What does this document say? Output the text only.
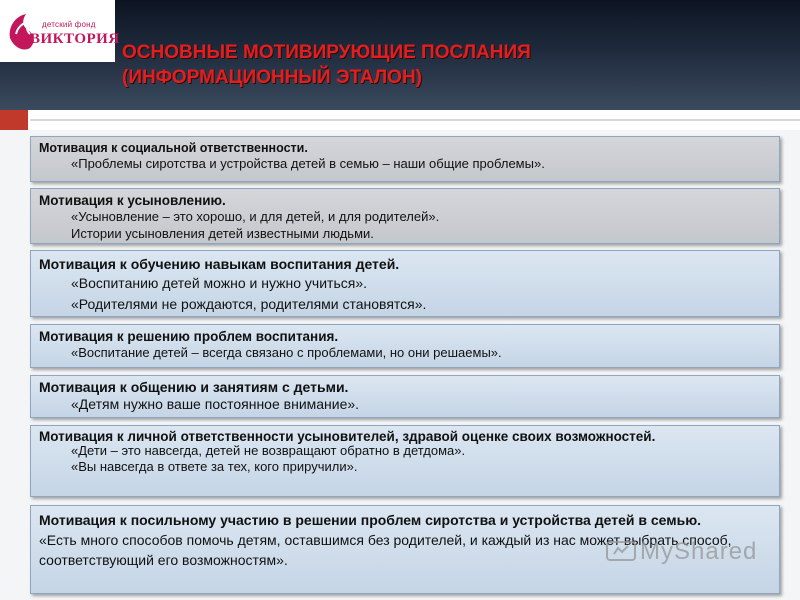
детский фонд
ВИКТОРИЯ
ОСНОВНЫЕ МОТИВИРУЮЩИЕ ПОСЛАНИЯ
(ИНФОРМАЦИОННЫЙ ЭТАЛОН)
Мотивация к социальной ответственности.
«Проблемы сиротства и устройства детей в семью – наши общие проблемы».
Мотивация к усыновлению.
«Усыновление – это хорошо, и для детей, и для родителей».
Истории усыновления детей известными людьми.
Мотивация к обучению навыкам воспитания детей.
«Воспитанию детей можно и нужно учиться».
«Родителями не рождаются, родителями становятся».
Мотивация к решению проблем воспитания.
«Воспитание детей – всегда связано с проблемами, но они решаемы».
Мотивация к общению и занятиям с детьми.
«Детям нужно ваше постоянное внимание».
Мотивация к личной ответственности усыновителей, здравой оценке своих возможностей.
«Дети – это навсегда, детей не возвращают обратно в детдома».
«Вы навсегда в ответе за тех, кого приручили».
Мотивация к посильному участию в решении проблем сиротства и устройства детей в семью.
«Есть много способов помочь детям, оставшимся без родителей, и каждый из нас может выбрать способ, соответствующий его возможностям».	MyShared
